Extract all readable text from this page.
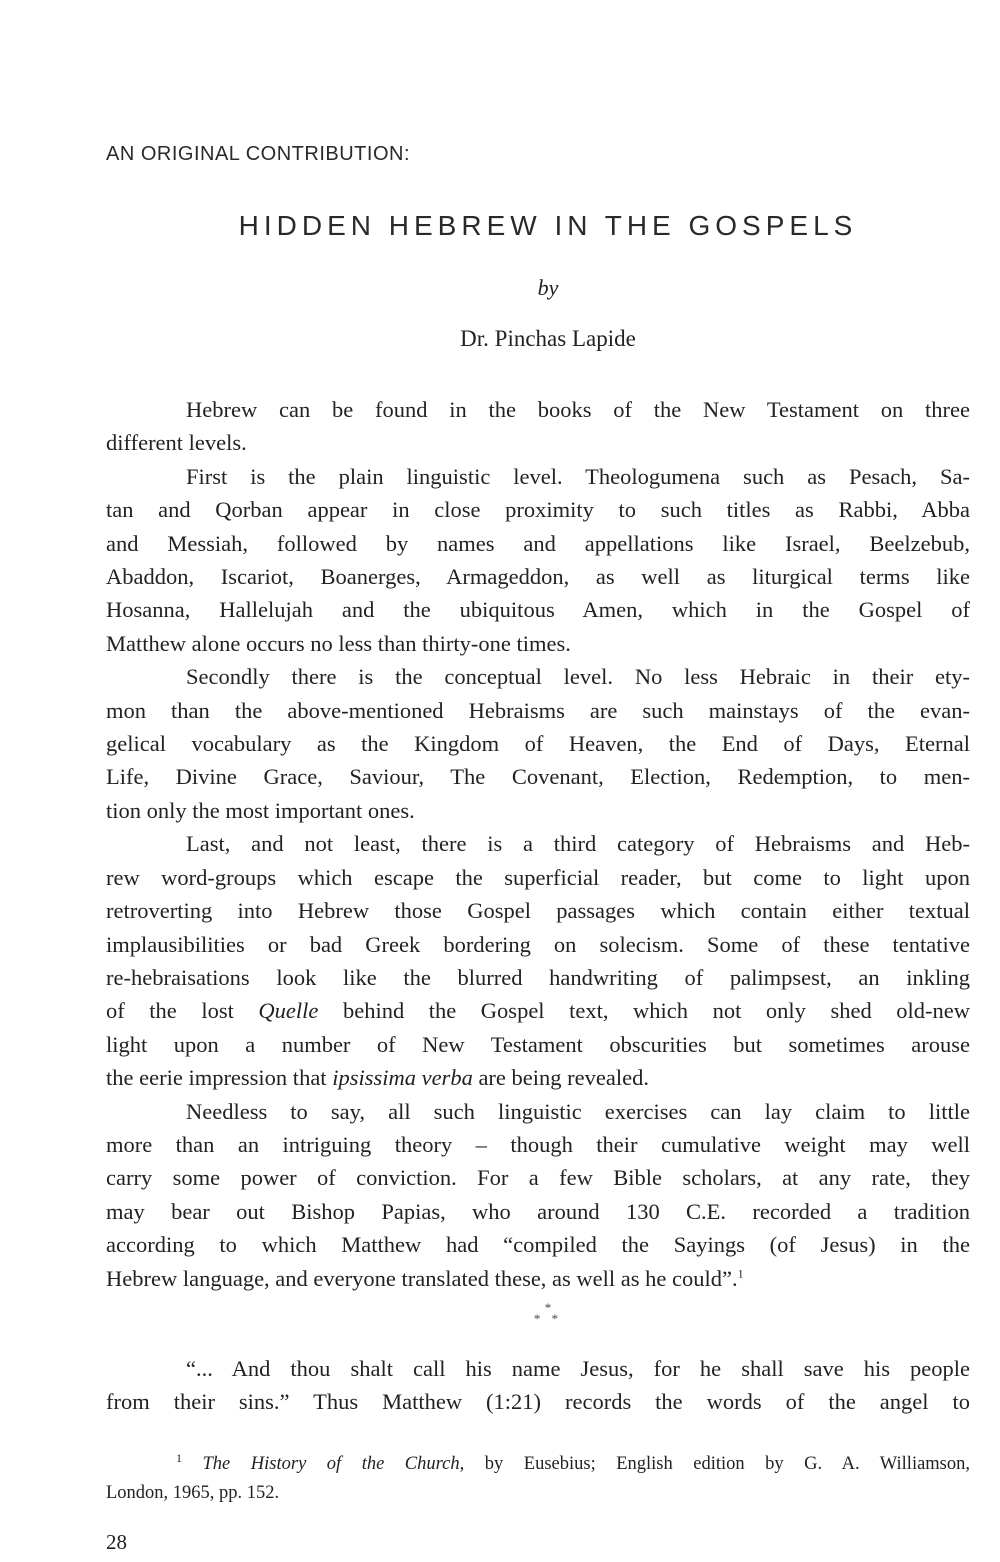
AN ORIGINAL CONTRIBUTION:
HIDDEN HEBREW IN THE GOSPELS
by
Dr. Pinchas Lapide
Hebrew can be found in the books of the New Testament on three
different levels.
First is the plain linguistic level. Theologumena such as Pesach, Sa-
tan and Qorban appear in close proximity to such titles as Rabbi, Abba
and Messiah, followed by names and appellations like Israel, Beelzebub,
Abaddon, Iscariot, Boanerges, Armageddon, as well as liturgical terms like
Hosanna, Hallelujah and the ubiquitous Amen, which in the Gospel of
Matthew alone occurs no less than thirty-one times.
Secondly there is the conceptual level. No less Hebraic in their ety-
mon than the above-mentioned Hebraisms are such mainstays of the evan-
gelical vocabulary as the Kingdom of Heaven, the End of Days, Eternal
Life, Divine Grace, Saviour, The Covenant, Election, Redemption, to men-
tion only the most important ones.
Last, and not least, there is a third category of Hebraisms and Heb-
rew word-groups which escape the superficial reader, but come to light upon
retroverting into Hebrew those Gospel passages which contain either textual
implausibilities or bad Greek bordering on solecism. Some of these tentative
re-hebraisations look like the blurred handwriting of palimpsest, an inkling
of the lost Quelle behind the Gospel text, which not only shed old-new
light upon a number of New Testament obscurities but sometimes arouse
the eerie impression that ipsissima verba are being revealed.
Needless to say, all such linguistic exercises can lay claim to little
more than an intriguing theory – though their cumulative weight may well
carry some power of conviction. For a few Bible scholars, at any rate, they
may bear out Bishop Papias, who around 130 C.E. recorded a tradition
according to which Matthew had “compiled the Sayings (of Jesus) in the
Hebrew language, and everyone translated these, as well as he could”.$^1$
*
* *
“... And thou shalt call his name Jesus, for he shall save his people
from their sins.” Thus Matthew (1:21) records the words of the angel to
$^1$ The History of the Church, by Eusebius; English edition by G. A. Williamson,
London, 1965, pp. 152.
28
